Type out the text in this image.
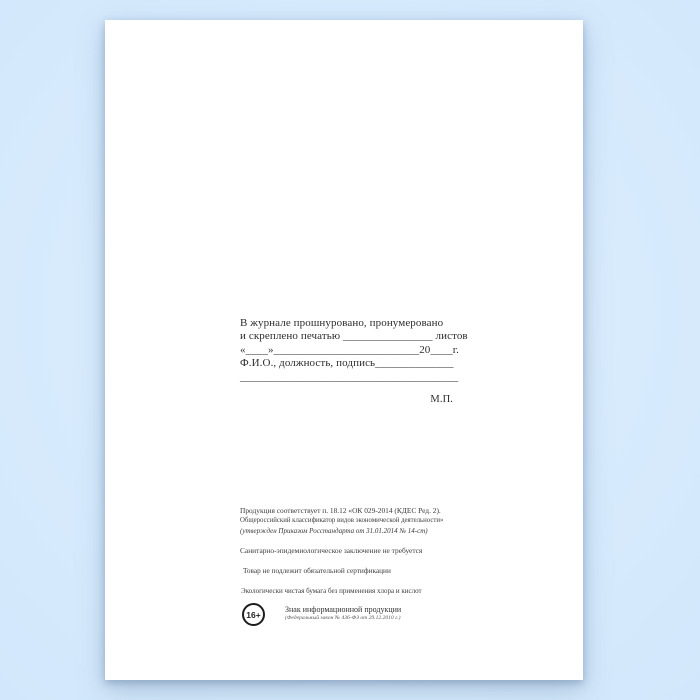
В журнале прошнуровано, пронумеровано
и скреплено печатью ________________ листов
«____»__________________________20____г.
Ф.И.О., должность, подпись______________
_______________________________________
М.П.
Продукция соответствует п. 18.12 «ОК 029-2014 (КДЕС Ред. 2).
Общероссийский классификатор видов экономической деятельности»
(утвержден Приказом Росстандарта от 31.01.2014 № 14-ст)
Санитарно-эпидемиологическое заключение не требуется
Товар не подлежит обязательной сертификации
Экологически чистая бумага без применения хлора и кислот
16+	Знак информационной продукции
(Федеральный закон № 436-ФЗ от 29.12.2010 г.)
